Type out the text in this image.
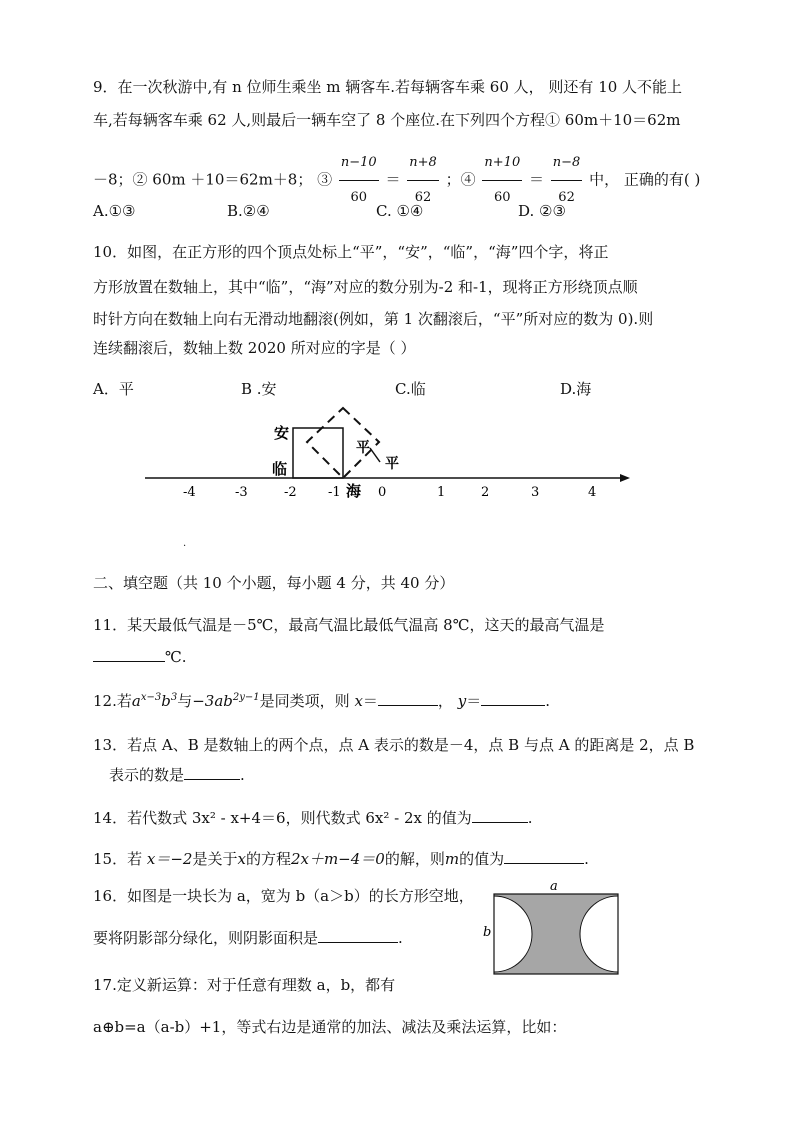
9．在一次秋游中,有 n 位师生乘坐 m 辆客车.若每辆客车乘 60 人， 则还有 10 人不能上
车,若每辆客车乘 62 人,则最后一辆车空了 8 个座位.在下列四个方程① 60m＋10＝62m
－8；② 60m ＋10＝62m＋8； ③ $\frac{n-10}{60} = \frac{n+8}{62}$ ；④ $\frac{n+10}{60} = \frac{n-8}{62}$ 中， 正确的有( )
A.①③	B.②④	C. ①④	D. ②③
10．如图，在正方形的四个顶点处标上“平”，“安”，“临”，“海”四个字，将正
方形放置在数轴上，其中“临”，“海”对应的数分别为-2 和-1，现将正方形绕顶点顺
时针方向在数轴上向右无滑动地翻滚(例如，第 1 次翻滚后，“平”所对应的数为 0).则
连续翻滚后，数轴上数 2020 所对应的字是（ ）
A．平	B .安	C.临	D.海
安
临
海
平
平
-4	-3	-2 -1	0	1	2	3	4
.
二、填空题（共 10 个小题，每小题 4 分，共 40 分）
11．某天最低气温是－5℃，最高气温比最低气温高 8℃，这天的最高气温是
℃.
12.若$a^{x-3}b^3$与$-3ab^{2y-1}$是同类项，则 x＝	， y＝	.
13．若点 A、B 是数轴上的两个点，点 A 表示的数是－4，点 B 与点 A 的距离是 2，点 B
表示的数是	.
14．若代数式 3x² - x+4＝6，则代数式 6x² - 2x 的值为	.
15．若 x＝−2是关于x的方程2x＋m−4＝0的解，则m的值为	.
16．如图是一块长为 a，宽为 b（a＞b）的长方形空地，
要将阴影部分绿化，则阴影面积是	.
a
b
17.定义新运算：对于任意有理数 a，b，都有
a⊕b=a（a-b）+1，等式右边是通常的加法、减法及乘法运算，比如：
